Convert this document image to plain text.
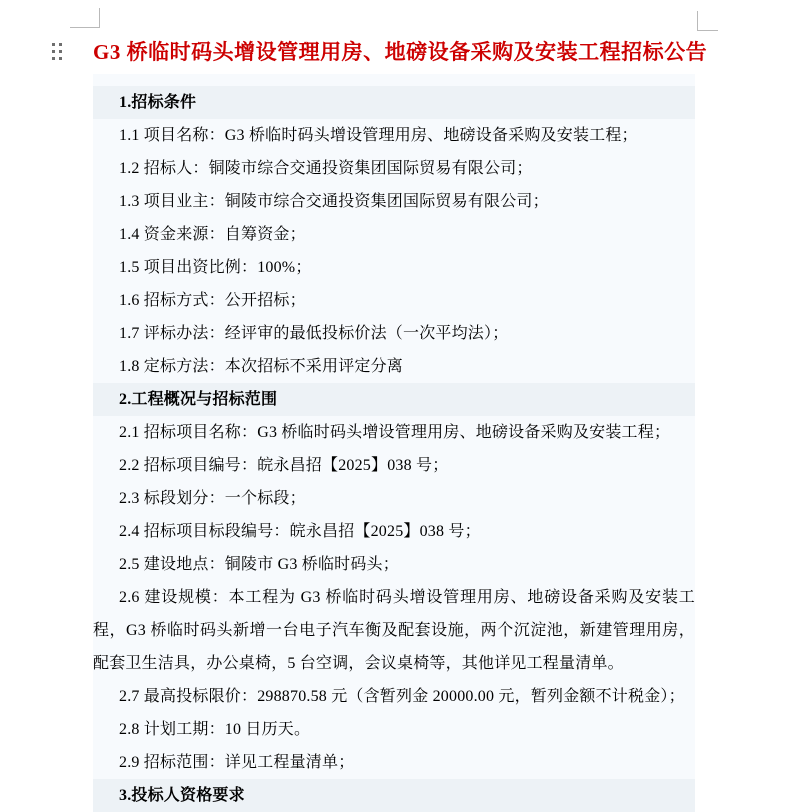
G3 桥临时码头增设管理用房、地磅设备采购及安装工程招标公告
1.招标条件
1.1 项目名称：G3 桥临时码头增设管理用房、地磅设备采购及安装工程；
1.2 招标人：铜陵市综合交通投资集团国际贸易有限公司；
1.3 项目业主：铜陵市综合交通投资集团国际贸易有限公司；
1.4 资金来源：自筹资金；
1.5 项目出资比例：100%；
1.6 招标方式：公开招标；
1.7 评标办法：经评审的最低投标价法（一次平均法）；
1.8 定标方法：本次招标不采用评定分离
2.工程概况与招标范围
2.1 招标项目名称：G3 桥临时码头增设管理用房、地磅设备采购及安装工程；
2.2 招标项目编号：皖永昌招【2025】038 号；
2.3 标段划分：一个标段；
2.4 招标项目标段编号：皖永昌招【2025】038 号；
2.5 建设地点：铜陵市 G3 桥临时码头；
2.6 建设规模：本工程为 G3 桥临时码头增设管理用房、地磅设备采购及安装工程，G3 桥临时码头新增一台电子汽车衡及配套设施，两个沉淀池，新建管理用房，配套卫生洁具，办公桌椅，5 台空调，会议桌椅等，其他详见工程量清单。
2.7 最高投标限价：298870.58 元（含暂列金 20000.00 元，暂列金额不计税金）；
2.8 计划工期：10 日历天。
2.9 招标范围：详见工程量清单；
3.投标人资格要求
